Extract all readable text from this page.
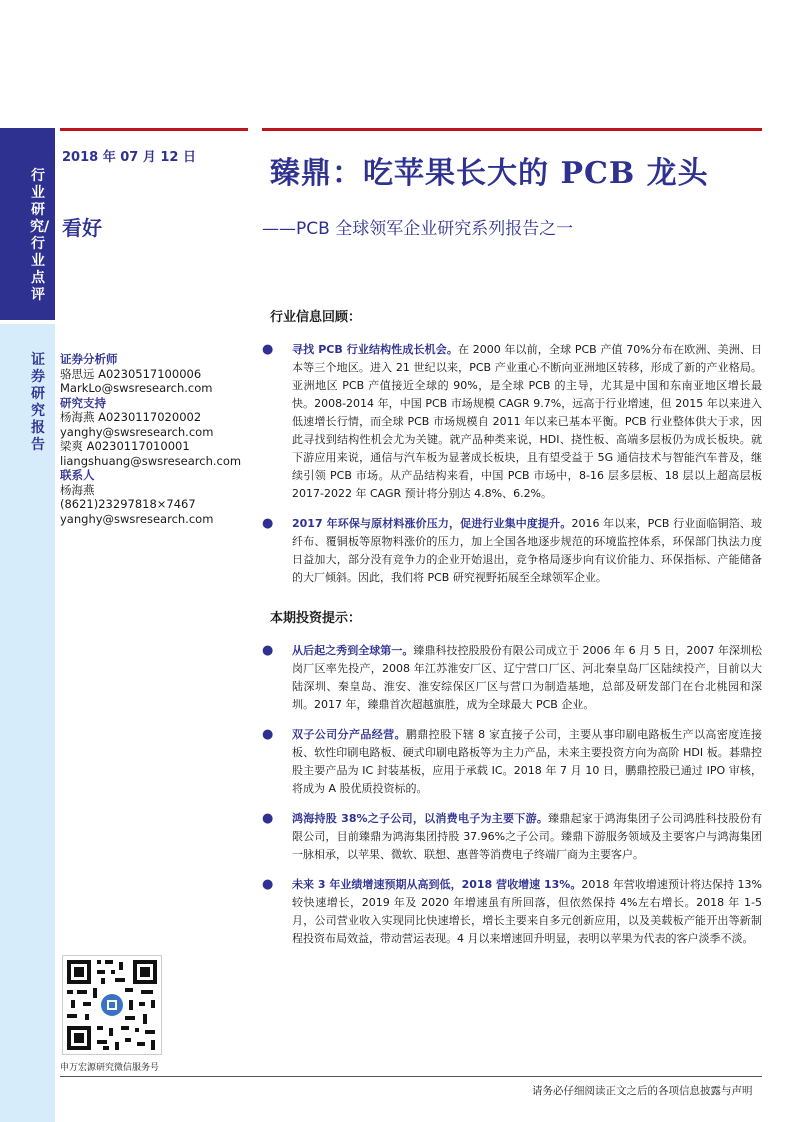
行业研究/行业点评
证券研究报告
2018 年 07 月 12 日
看好
臻鼎：吃苹果长大的 PCB 龙头
——PCB 全球领军企业研究系列报告之一
证券分析师
骆思远 A0230517100006
MarkLo@swsresearch.com
研究支持
杨海燕 A0230117020002
yanghy@swsresearch.com
梁爽 A0230117010001
liangshuang@swsresearch.com
联系人
杨海燕
(8621)23297818×7467
yanghy@swsresearch.com
行业信息回顾：
● 寻找 PCB 行业结构性成长机会。在 2000 年以前，全球 PCB 产值 70%分布在欧洲、美洲、日本等三个地区。进入 21 世纪以来，PCB 产业重心不断向亚洲地区转移，形成了新的产业格局。亚洲地区 PCB 产值接近全球的 90%，是全球 PCB 的主导，尤其是中国和东南亚地区增长最快。2008-2014 年，中国 PCB 市场规模 CAGR 9.7%，远高于行业增速，但 2015 年以来进入低速增长行情，而全球 PCB 市场规模自 2011 年以来已基本平衡。PCB 行业整体供大于求，因此寻找到结构性机会尤为关键。就产品种类来说，HDI、挠性板、高端多层板仍为成长板块。就下游应用来说，通信与汽车板为显著成长板块，且有望受益于 5G 通信技术与智能汽车普及，继续引领 PCB 市场。从产品结构来看，中国 PCB 市场中，8-16 层多层板、18 层以上超高层板 2017-2022 年 CAGR 预计将分别达 4.8%、6.2%。
● 2017 年环保与原材料涨价压力，促进行业集中度提升。2016 年以来，PCB 行业面临铜箔、玻纤布、覆铜板等原物料涨价的压力，加上全国各地逐步规范的环境监控体系，环保部门执法力度日益加大，部分没有竞争力的企业开始退出，竞争格局逐步向有议价能力、环保指标、产能储备的大厂倾斜。因此，我们将 PCB 研究视野拓展至全球领军企业。
本期投资提示：
● 从后起之秀到全球第一。臻鼎科技控股股份有限公司成立于 2006 年 6 月 5 日，2007 年深圳松岗厂区率先投产，2008 年江苏淮安厂区、辽宁营口厂区、河北秦皇岛厂区陆续投产，目前以大陆深圳、秦皇岛、淮安、淮安综保区厂区与营口为制造基地，总部及研发部门在台北桃园和深圳。2017 年，臻鼎首次超越旗胜，成为全球最大 PCB 企业。
● 双子公司分产品经营。鹏鼎控股下辖 8 家直接子公司，主要从事印刷电路板生产以高密度连接板、软性印刷电路板、硬式印刷电路板等为主力产品，未来主要投资方向为高阶 HDI 板。碁鼎控股主要产品为 IC 封装基板，应用于承载 IC。2018 年 7 月 10 日，鹏鼎控股已通过 IPO 审核，将成为 A 股优质投资标的。
● 鸿海持股 38%之子公司，以消费电子为主要下游。臻鼎起家于鸿海集团子公司鸿胜科技股份有限公司，目前臻鼎为鸿海集团持股 37.96%之子公司。臻鼎下游服务领域及主要客户与鸿海集团一脉相承，以苹果、微软、联想、惠普等消费电子终端厂商为主要客户。
● 未来 3 年业绩增速预期从高到低，2018 营收增速 13%。2018 年营收增速预计将达保持 13%较快速增长，2019 年及 2020 年增速虽有所回落，但依然保持 4%左右增长。2018 年 1-5 月，公司营业收入实现同比快速增长，增长主要来自多元创新应用，以及美载板产能开出等新制程投资布局效益，带动营运表现。4 月以来增速回升明显，表明以苹果为代表的客户淡季不淡。
申万宏源研究微信服务号
请务必仔细阅读正文之后的各项信息披露与声明
